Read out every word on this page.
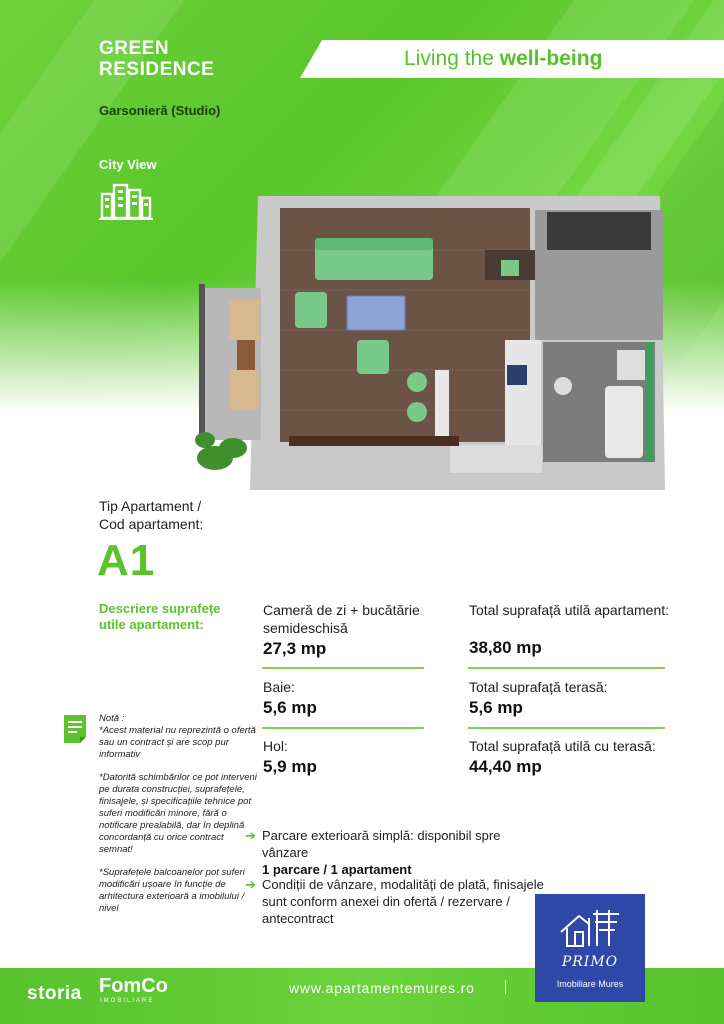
GREEN
RESIDENCE	Living the well-being
Garsonieră (Studio)
City View
Tip Apartament /
Cod apartament:
A1
Descriere suprafețe
utile apartament:
Cameră de zi + bucătărie
semideschisă
27,3 mp
Baie:
5,6 mp
Hol:
5,9 mp
Total suprafață utilă apartament:
38,80 mp
Total suprafață terasă:
5,6 mp
Total suprafață utilă cu terasă:
44,40 mp

Notă :

*Acest material nu reprezintă o ofertă sau un contract și are scop pur informativ

*Datorită schimbărilor ce pot interveni pe durata construcției, suprafețele, finisajele, și specificațiile tehnice pot suferi modificări minore, fără o notificare prealabilă, dar în deplină concordanță cu orice contract semnat!

*Suprafețele balcoanelor pot suferi modificări ușoare în funcție de arhitectura exterioară a imobilului / nivel

➔ Parcare exterioară simplă: disponibil spre vânzare
1 parcare / 1 apartament
➔ Condiții de vânzare, modalități de plată, finisajele sunt conform anexei din ofertă / rezervare / antecontract
storia FomCo
IMOBILIARE
www.apartamentemures.ro
PRIMO
Imobiliare Mures
